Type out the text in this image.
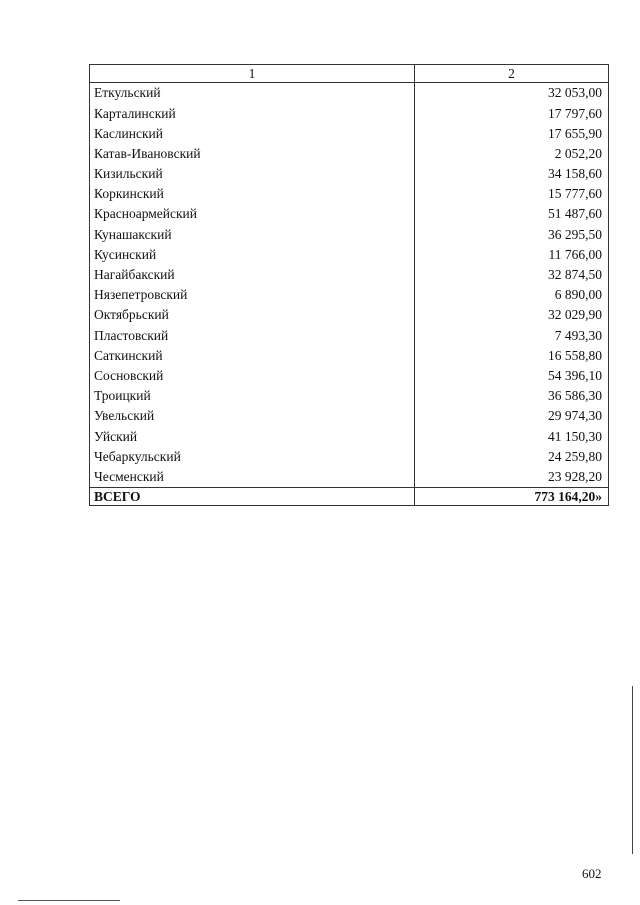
1	2
Еткульский	32 053,00
Карталинский	17 797,60
Каслинский	17 655,90
Катав-Ивановский	2 052,20
Кизильский	34 158,60
Коркинский	15 777,60
Красноармейский	51 487,60
Кунашакский	36 295,50
Кусинский	11 766,00
Нагайбакский	32 874,50
Нязепетровский	6 890,00
Октябрьский	32 029,90
Пластовский	7 493,30
Саткинский	16 558,80
Сосновский	54 396,10
Троицкий	36 586,30
Увельский	29 974,30
Уйский	41 150,30
Чебаркульский	24 259,80
Чесменский	23 928,20
ВСЕГО	773 164,20»
602
